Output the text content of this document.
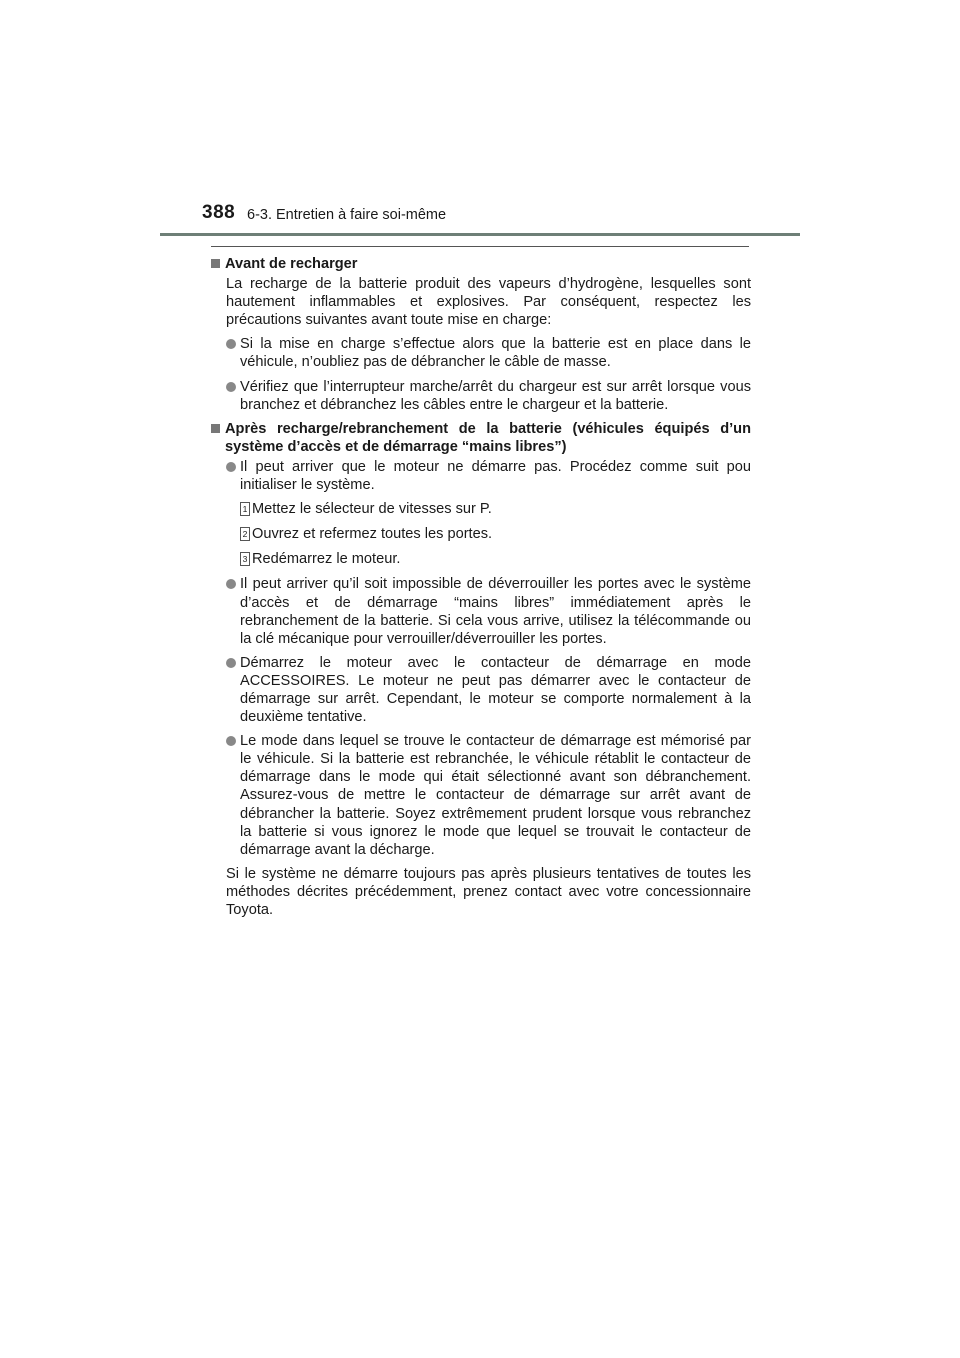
388 6-3. Entretien à faire soi-même
Avant de recharger
La recharge de la batterie produit des vapeurs d’hydrogène, lesquelles sont hautement inflammables et explosives. Par conséquent, respectez les précautions suivantes avant toute mise en charge:
Si la mise en charge s’effectue alors que la batterie est en place dans le véhicule, n’oubliez pas de débrancher le câble de masse.
Vérifiez que l’interrupteur marche/arrêt du chargeur est sur arrêt lorsque vous branchez et débranchez les câbles entre le chargeur et la batterie.
Après recharge/rebranchement de la batterie (véhicules équipés d’un système d’accès et de démarrage “mains libres”)
Il peut arriver que le moteur ne démarre pas. Procédez comme suit pou initialiser le système.
1 Mettez le sélecteur de vitesses sur P.
2 Ouvrez et refermez toutes les portes.
3 Redémarrez le moteur.
Il peut arriver qu’il soit impossible de déverrouiller les portes avec le système d’accès et de démarrage “mains libres” immédiatement après le rebranchement de la batterie. Si cela vous arrive, utilisez la télécommande ou la clé mécanique pour verrouiller/déverrouiller les portes.
Démarrez le moteur avec le contacteur de démarrage en mode ACCESSOIRES. Le moteur ne peut pas démarrer avec le contacteur de démarrage sur arrêt. Cependant, le moteur se comporte normalement à la deuxième tentative.
Le mode dans lequel se trouve le contacteur de démarrage est mémorisé par le véhicule. Si la batterie est rebranchée, le véhicule rétablit le contacteur de démarrage dans le mode qui était sélectionné avant son débranchement. Assurez-vous de mettre le contacteur de démarrage sur arrêt avant de débrancher la batterie. Soyez extrêmement prudent lorsque vous rebranchez la batterie si vous ignorez le mode que lequel se trouvait le contacteur de démarrage avant la décharge.
Si le système ne démarre toujours pas après plusieurs tentatives de toutes les méthodes décrites précédemment, prenez contact avec votre concessionnaire Toyota.
